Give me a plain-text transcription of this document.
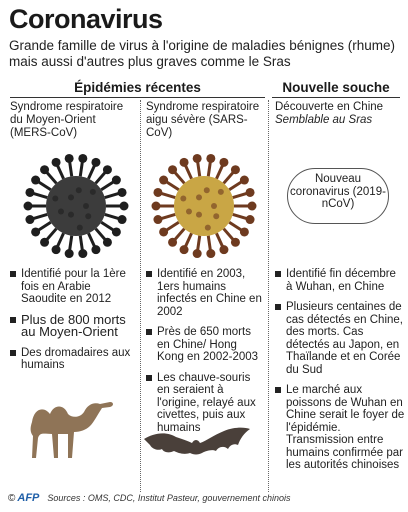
Coronavirus
Grande famille de virus à l'origine de maladies bénignes (rhume) mais aussi d'autres plus graves comme le Sras
Épidémies récentes	Nouvelle souche
Syndrome respiratoire du Moyen-Orient (MERS-CoV)
Syndrome respiratoire aigu sévère (SARS-CoV)
Découverte en Chine
Semblable au Sras
Nouveau coronavirus (2019-nCoV)
Identifié pour la 1ère fois en Arabie Saoudite en 2012
Plus de 800 morts au Moyen-Orient
Des dromadaires aux humains
Identifié en 2003, 1ers humains infectés en Chine en 2002
Près de 650 morts en Chine/ Hong Kong en 2002-2003
Les chauve-souris en seraient à l'origine, relayé aux civettes, puis aux humains
Identifié fin décembre à Wuhan, en Chine
Plusieurs centaines de cas détectés en Chine, des morts. Cas détectés au Japon, en Thaïlande et en Corée du Sud
Le marché aux poissons de Wuhan en Chine serait le foyer de l'épidémie. Transmission entre humains confirmée par les autorités chinoises
© AFP Sources : OMS, CDC, Institut Pasteur, gouvernement chinois
